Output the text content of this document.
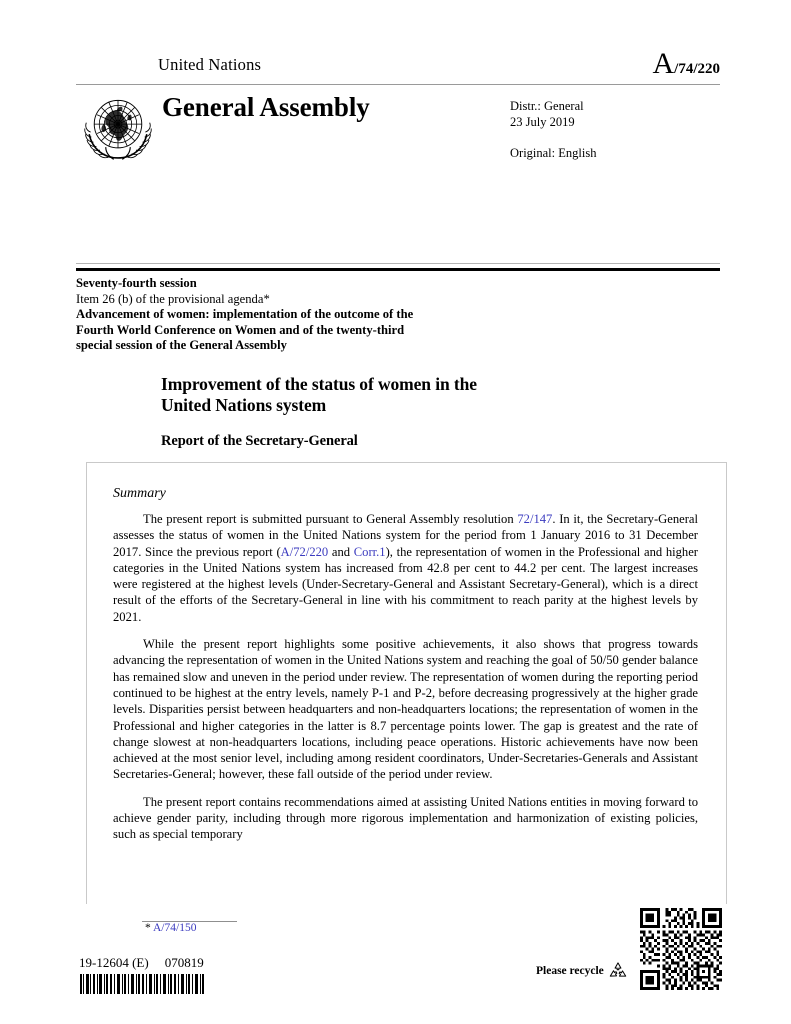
United Nations	A/74/220
General Assembly	Distr.: General
23 July 2019
Original: English
Seventy-fourth session
Item 26 (b) of the provisional agenda*
Advancement of women: implementation of the outcome of the
Fourth World Conference on Women and of the twenty-third
special session of the General Assembly
Improvement of the status of women in the
United Nations system
Report of the Secretary-General
Summary

The present report is submitted pursuant to General Assembly resolution 72/147. In it, the Secretary-General assesses the status of women in the United Nations system for the period from 1 January 2016 to 31 December 2017. Since the previous report (A/72/220 and Corr.1), the representation of women in the Professional and higher categories in the United Nations system has increased from 42.8 per cent to 44.2 per cent. The largest increases were registered at the highest levels (Under-Secretary-General and Assistant Secretary-General), which is a direct result of the efforts of the Secretary-General in line with his commitment to reach parity at the highest levels by 2021.

While the present report highlights some positive achievements, it also shows that progress towards advancing the representation of women in the United Nations system and reaching the goal of 50/50 gender balance has remained slow and uneven in the period under review. The representation of women during the reporting period continued to be highest at the entry levels, namely P-1 and P-2, before decreasing progressively at the higher grade levels. Disparities persist between headquarters and non-headquarters locations; the representation of women in the Professional and higher categories in the latter is 8.7 percentage points lower. The gap is greatest and the rate of change slowest at non-headquarters locations, including peace operations. Historic achievements have now been achieved at the most senior level, including among resident coordinators, Under-Secretaries-Generals and Assistant Secretaries-General; however, these fall outside of the period under review.

The present report contains recommendations aimed at assisting United Nations entities in moving forward to achieve gender parity, including through more rigorous implementation and harmonization of existing policies, such as special temporary

* A/74/150
19-12604 (E) 070819
Please recycle
